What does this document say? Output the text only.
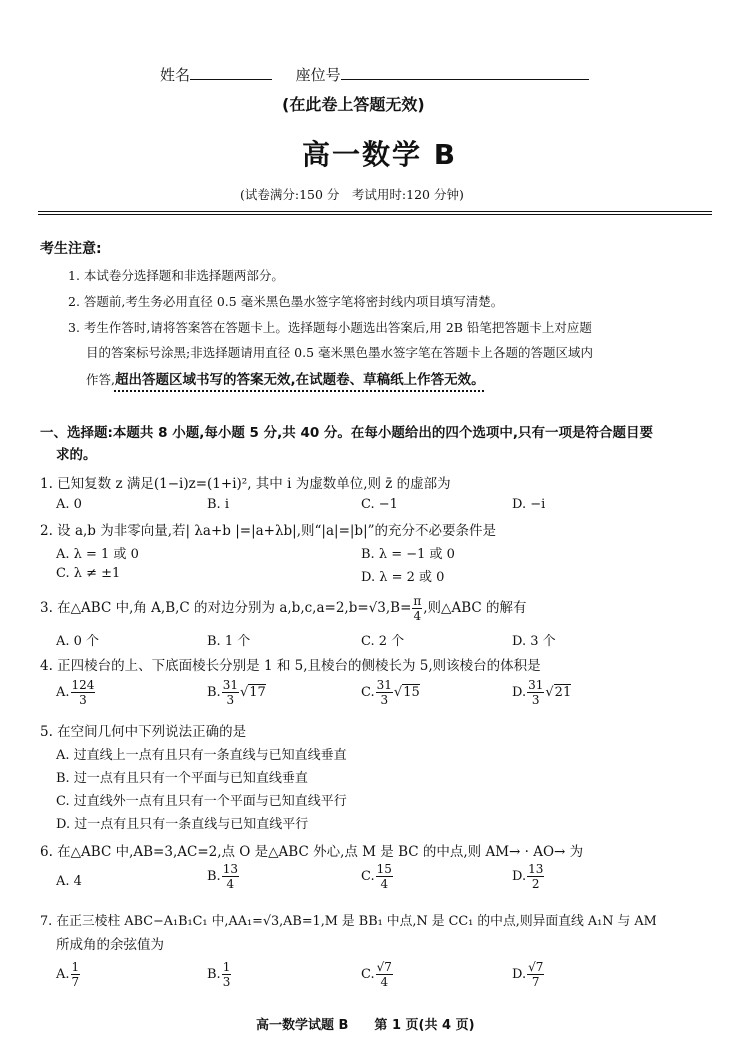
姓名	座位号
(在此卷上答题无效)
高一数学 B
(试卷满分:150 分　考试用时:120 分钟)
考生注意:
1. 本试卷分选择题和非选择题两部分。
2. 答题前,考生务必用直径 0.5 毫米黑色墨水签字笔将密封线内项目填写清楚。
3. 考生作答时,请将答案答在答题卡上。选择题每小题选出答案后,用 2B 铅笔把答题卡上对应题
目的答案标号涂黑;非选择题请用直径 0.5 毫米黑色墨水签字笔在答题卡上各题的答题区域内
作答,超出答题区域书写的答案无效,在试题卷、草稿纸上作答无效。
一、选择题:本题共 8 小题,每小题 5 分,共 40 分。在每小题给出的四个选项中,只有一项是符合题目要
求的。
1. 已知复数 z 满足(1−i)z=(1+i)², 其中 i 为虚数单位,则 z̄ 的虚部为
A. 0	B. i	C. −1	D. −i
2. 设 a,b 为非零向量,若| λa+b |=|a+λb|,则“|a|=|b|”的充分不必要条件是
A. λ = 1 或 0	B. λ = −1 或 0
C. λ ≠ ±1	D. λ = 2 或 0
3. 在△ABC 中,角 A,B,C 的对边分别为 $a,b,c,a=2,b=√3,B= \frac{\pi}{4}$ ,则△ABC 的解有
A. 0 个	B. 1 个	C. 2 个	D. 3 个
4. 正四棱台的上、下底面棱长分别是 1 和 5,且棱台的侧棱长为 5,则该棱台的体积是
A. $\frac{124}{3}$	B. $\frac{31}{3} √17$	C. $\frac{31}{3} √15$	D. $\frac{31}{3} √21$
5. 在空间几何中下列说法正确的是
A. 过直线上一点有且只有一条直线与已知直线垂直
B. 过一点有且只有一个平面与已知直线垂直
C. 过直线外一点有且只有一个平面与已知直线平行
D. 过一点有且只有一条直线与已知直线平行
6. 在△ABC 中,AB=3,AC=2,点 O 是△ABC 外心,点 M 是 BC 的中点,则 AM→ · AO→ 为
A. 4	B. $\frac{13}{4}$	C. $\frac{15}{4}$	D. $\frac{13}{2}$
7. 在正三棱柱 ABC−A₁B₁C₁ 中,AA₁=√3,AB=1,M 是 BB₁ 中点,N 是 CC₁ 的中点,则异面直线 A₁N 与 AM
所成角的余弦值为
A. $\frac{1}{7}$	B. $\frac{1}{3}$	C. $\frac{√7}{4}$	D. $\frac{√7}{7}$
高一数学试题 B　　第 1 页(共 4 页)
